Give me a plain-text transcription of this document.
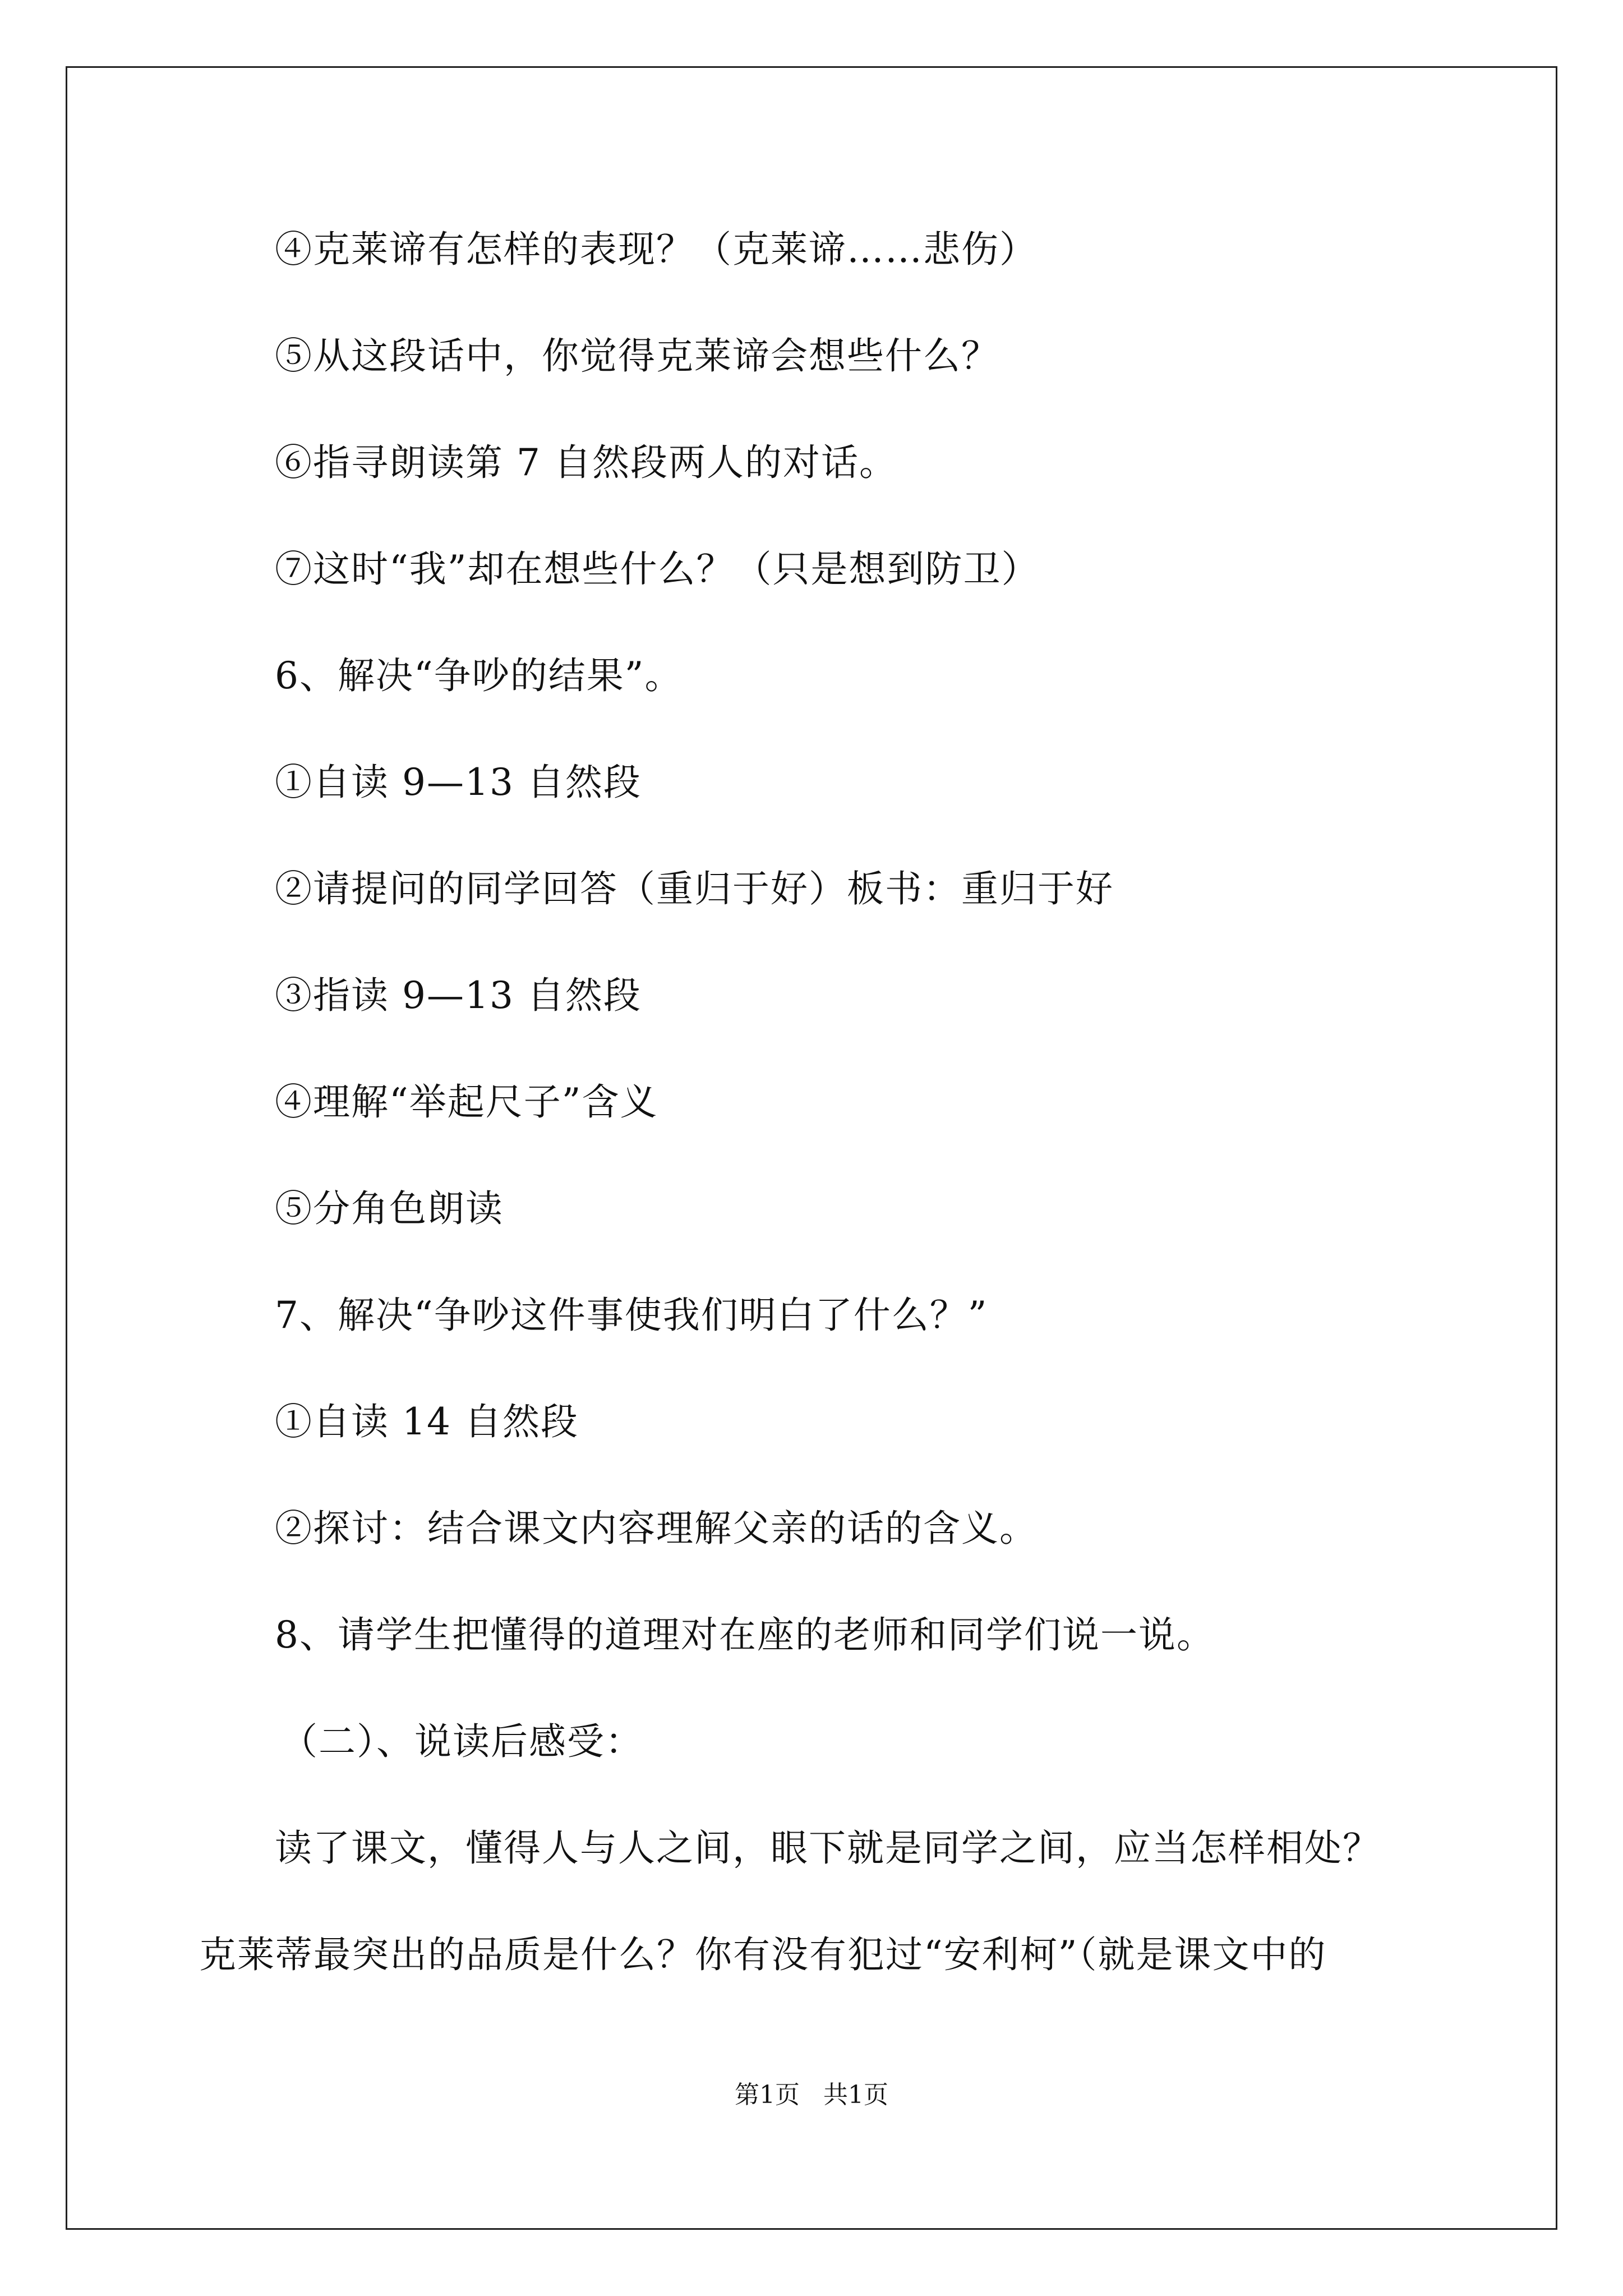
④克莱谛有怎样的表现？（克莱谛……悲伤）
⑤从这段话中，你觉得克莱谛会想些什么？
⑥指寻朗读第 7 自然段两人的对话。
⑦这时“我”却在想些什么？（只是想到防卫）
6、解决“争吵的结果”。
①自读 9—13 自然段
②请提问的同学回答（重归于好）板书：重归于好
③指读 9—13 自然段
④理解“举起尺子”含义
⑤分角色朗读
7、解决“争吵这件事使我们明白了什么？”
①自读 14 自然段
②探讨：结合课文内容理解父亲的话的含义。
8、请学生把懂得的道理对在座的老师和同学们说一说。
（二）、说读后感受：
读了课文，懂得人与人之间，眼下就是同学之间，应当怎样相处？
克莱蒂最突出的品质是什么？你有没有犯过“安利柯”（就是课文中的
第1页   共1页
